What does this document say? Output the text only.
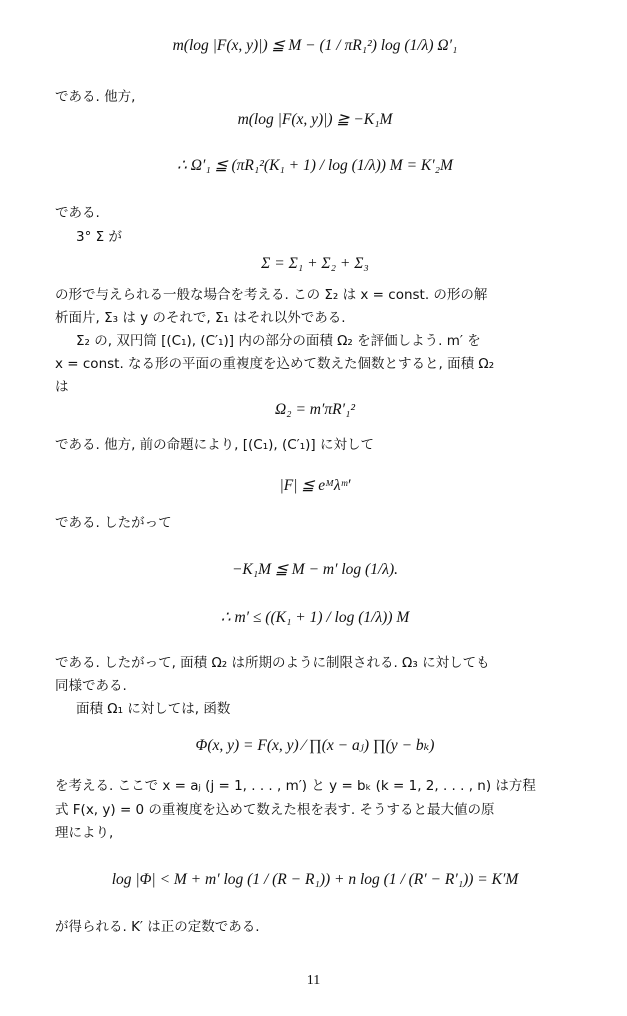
m(log |F(x, y)|) ≦ M − (1 / πR₁²) log (1/λ) Ω′₁
である. 他方,
m(log |F(x, y)|) ≧ −K₁M
∴ Ω′₁ ≦ (πR₁²(K₁ + 1) / log (1/λ)) M = K′₂M
である.
3° Σ が
Σ = Σ₁ + Σ₂ + Σ₃
の形で与えられる一般な場合を考える. この Σ₂ は x = const. の形の解
析面片, Σ₃ は y のそれで, Σ₁ はそれ以外である.
Σ₂ の, 双円筒 [(C₁), (C′₁)] 内の部分の面積 Ω₂ を評価しよう. m′ を
x = const. なる形の平面の重複度を込めて数えた個数とすると, 面積 Ω₂
は
Ω₂ = m′πR′₁²
である. 他方, 前の命題により, [(C₁), (C′₁)] に対して
|F| ≦ eᴹλᵐ′
である. したがって
−K₁M ≦ M − m′ log (1/λ).
∴ m′ ≤ ((K₁ + 1) / log (1/λ)) M
である. したがって, 面積 Ω₂ は所期のように制限される. Ω₃ に対しても
同様である.
面積 Ω₁ に対しては, 函数
Φ(x, y) = F(x, y) ⁄ ∏(x − aⱼ) ∏(y − bₖ)
を考える. ここで x = aⱼ (j = 1, . . . , m′) と y = bₖ (k = 1, 2, . . . , n) は方程
式 F(x, y) = 0 の重複度を込めて数えた根を表す. そうすると最大値の原
理により,
log |Φ| < M + m′ log (1 / (R − R₁)) + n log (1 / (R′ − R′₁)) = K′M
が得られる. K′ は正の定数である.
11
